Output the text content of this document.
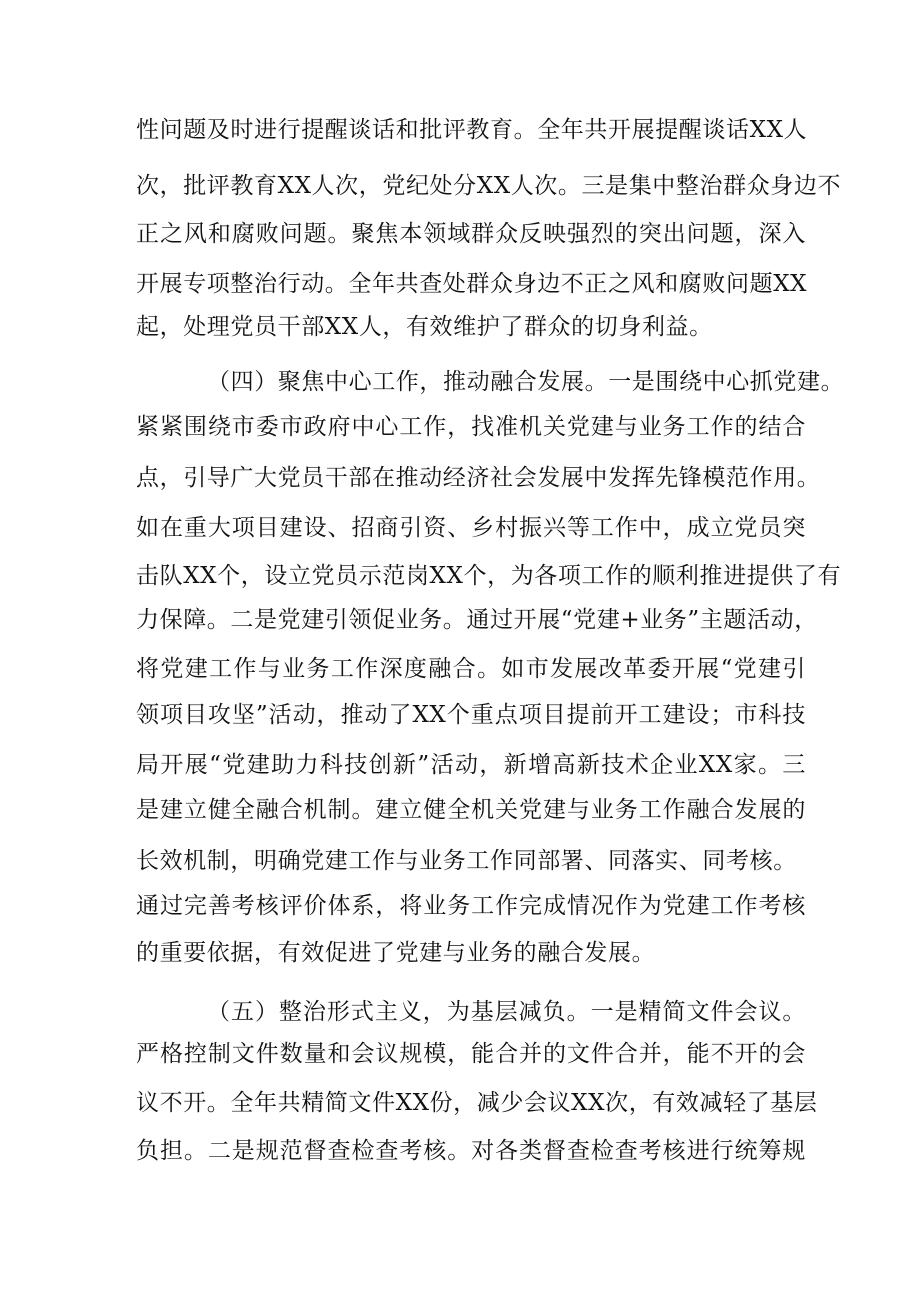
性问题及时进行提醒谈话和批评教育。全年共开展提醒谈话XX人
次，批评教育XX人次，党纪处分XX人次。三是集中整治群众身边不
正之风和腐败问题。聚焦本领域群众反映强烈的突出问题，深入
开展专项整治行动。全年共查处群众身边不正之风和腐败问题XX
起，处理党员干部XX人，有效维护了群众的切身利益。
（四）聚焦中心工作，推动融合发展。一是围绕中心抓党建。
紧紧围绕市委市政府中心工作，找准机关党建与业务工作的结合
点，引导广大党员干部在推动经济社会发展中发挥先锋模范作用。
如在重大项目建设、招商引资、乡村振兴等工作中，成立党员突
击队XX个，设立党员示范岗XX个，为各项工作的顺利推进提供了有
力保障。二是党建引领促业务。通过开展“党建+业务”主题活动，
将党建工作与业务工作深度融合。如市发展改革委开展“党建引
领项目攻坚”活动，推动了XX个重点项目提前开工建设；市科技
局开展“党建助力科技创新”活动，新增高新技术企业XX家。三
是建立健全融合机制。建立健全机关党建与业务工作融合发展的
长效机制，明确党建工作与业务工作同部署、同落实、同考核。
通过完善考核评价体系，将业务工作完成情况作为党建工作考核
的重要依据，有效促进了党建与业务的融合发展。
（五）整治形式主义，为基层减负。一是精简文件会议。
严格控制文件数量和会议规模，能合并的文件合并，能不开的会
议不开。全年共精简文件XX份，减少会议XX次，有效减轻了基层
负担。二是规范督查检查考核。对各类督查检查考核进行统筹规
